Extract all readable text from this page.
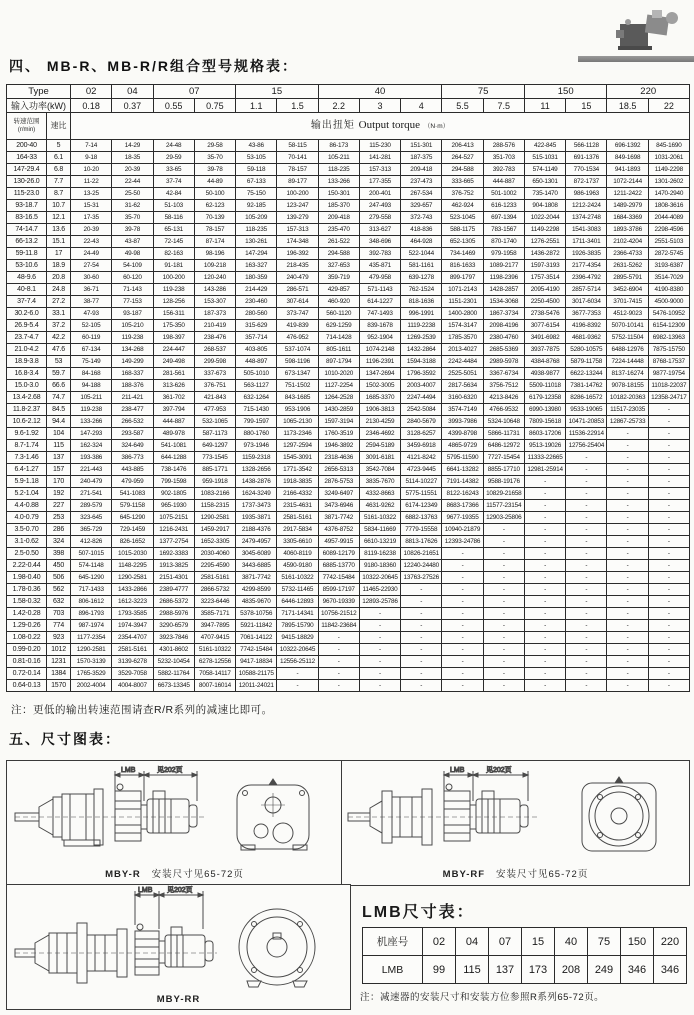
四、 MB-R、MB-R/R组合型号规格表：
Type		02	04	07		15		40			75		150		220	
输入功率(kW)		0.18	0.37	0.55	0.75	1.1	1.5	2.2	3	4	5.5	7.5	11	15	18.5	22
转速范围
(r/min)	速比	输出扭矩 Output torque （N·m）														
200-40	5	7-14	14-29	24-48	29-58	43-86	58-115	86-173	115-230	151-301	206-413	288-576	422-845	566-1128	696-1392	845-1690
164-33	6.1	9-18	18-35	29-59	35-70	53-105	70-141	105-211	141-281	187-375	264-527	351-703	515-1031	691-1376	849-1698	1031-2061
147-29.4	6.8	10-20	20-39	33-65	39-78	59-118	78-157	118-235	157-313	209-418	294-588	392-783	574-1149	770-1534	941-1893	1149-2298
130-26.0	7.7	11-22	22-44	37-74	44-89	67-133	89-177	133-266	177-355	237-473	333-665	444-887	650-1301	872-1737	1072-2144	1301-2602
115-23.0	8.7	13-25	25-50	42-84	50-100	75-150	100-200	150-301	200-401	267-534	376-752	501-1002	735-1470	986-1963	1211-2422	1470-2940
93-18.7	10.7	15-31	31-62	51-103	62-123	92-185	123-247	185-370	247-493	329-657	462-924	616-1233	904-1808	1212-2424	1489-2979	1808-3616
83-16.5	12.1	17-35	35-70	58-116	70-139	105-209	139-279	209-418	279-558	372-743	523-1045	697-1394	1022-2044	1374-2748	1684-3369	2044-4089
74-14.7	13.6	20-39	39-78	65-131	78-157	118-235	157-313	235-470	313-627	418-836	588-1175	783-1567	1149-2298	1541-3083	1893-3786	2298-4596
66-13.2	15.1	22-43	43-87	72-145	87-174	130-261	174-348	261-522	348-696	464-928	652-1305	870-1740	1276-2551	1711-3401	2102-4204	2551-5103
59-11.8	17	24-49	49-98	82-163	98-196	147-294	196-392	294-588	392-783	522-1044	734-1469	979-1958	1436-2872	1926-3835	2366-4733	2872-5745
53-10.6	18.9	27-54	54-109	91-181	109-218	163-327	218-435	327-653	435-871	581-1161	816-1633	1089-2177	1597-3193	2177-4354	2631-5262	3193-6387
48-9.6	20.8	30-60	60-120	100-200	120-240	180-359	240-479	359-719	479-958	639-1278	899-1797	1198-2396	1757-3514	2396-4792	2895-5791	3514-7029
40-8.1	24.8	36-71	71-143	119-238	143-286	214-429	286-571	429-857	571-1143	762-1524	1071-2143	1428-2857	2095-4190	2857-5714	3452-6904	4190-8380
37-7.4	27.2	38-77	77-153	128-256	153-307	230-460	307-614	460-920	614-1227	818-1636	1151-2301	1534-3068	2250-4500	3017-6034	3701-7415	4500-9000
30.2-6.0	33.1	47-93	93-187	156-311	187-373	280-560	373-747	560-1120	747-1493	996-1991	1400-2800	1867-3734	2738-5476	3677-7353	4512-9023	5476-10952
26.9-5.4	37.2	52-105	105-210	175-350	210-419	315-629	419-839	629-1259	839-1678	1119-2238	1574-3147	2098-4196	3077-6154	4196-8392	5070-10141	6154-12309
23.7-4.7	42.2	60-119	119-238	198-397	238-476	357-714	476-952	714-1428	952-1904	1269-2539	1785-3570	2380-4760	3491-6982	4681-9362	5752-11504	6982-13963
21.0-4.2	47.6	67-134	134-268	224-447	268-537	403-805	537-1074	805-1611	1074-2148	1432-2864	2013-4027	2685-5369	3937-7875	5280-10575	6488-12976	7875-15750
18.9-3.8	53	75-149	149-299	249-498	299-598	448-897	598-1196	897-1794	1196-2391	1594-3188	2242-4484	2989-5978	4384-8768	5879-11758	7224-14448	8768-17537
16.8-3.4	59.7	84-168	168-337	281-561	337-673	505-1010	673-1347	1010-2020	1347-2694	1796-3592	2525-5051	3367-6734	4938-9877	6622-13244	8137-16274	9877-19754
15.0-3.0	66.6	94-188	188-376	313-626	376-751	563-1127	751-1502	1127-2254	1502-3005	2003-4007	2817-5634	3756-7512	5509-11018	7381-14762	9078-18155	11018-22037
13.4-2.68	74.7	105-211	211-421	361-702	421-843	632-1264	843-1685	1264-2528	1685-3370	2247-4494	3160-6320	4213-8426	6179-12358	8286-16572	10182-20363	12358-24717
11.8-2.37	84.5	119-238	238-477	397-794	477-953	715-1430	953-1906	1430-2859	1906-3813	2542-5084	3574-7149	4766-9532	6990-13980	9533-19065	11517-23035	-
10.6-2.12	94.4	133-266	266-532	444-887	532-1065	799-1597	1065-2130	1597-3194	2130-4259	2840-5679	3993-7986	5324-10648	7809-15618	10471-20853	12867-25733	-
9.6-1.92	104	147-293	293-587	489-978	587-1173	880-1760	1173-2346	1760-3519	2346-4692	3128-6257	4399-8798	5866-11731	8603-17206	11536-22914	-	-
8.7-1.74	115	162-324	324-649	541-1081	649-1297	973-1946	1297-2594	1946-3892	2594-5189	3459-6918	4865-9729	6486-12972	9513-19026	12756-25404	-	-
7.3-1.46	137	193-386	386-773	644-1288	773-1545	1159-2318	1545-3091	2318-4636	3091-6181	4121-8242	5795-11590	7727-15454	11333-22665	-	-	-
6.4-1.27	157	221-443	443-885	738-1476	885-1771	1328-2656	1771-3542	2656-5313	3542-7084	4723-9445	6641-13282	8855-17710	12981-25914	-	-	-
5.9-1.18	170	240-479	479-959	799-1598	959-1918	1438-2876	1918-3835	2876-5753	3835-7670	5114-10227	7191-14382	9588-19176	-	-	-	-
5.2-1.04	192	271-541	541-1083	902-1805	1083-2166	1624-3249	2166-4332	3249-6497	4332-8663	5775-11551	8122-16243	10829-21658	-	-	-	-
4.4-0.88	227	289-579	579-1158	965-1930	1158-2315	1737-3473	2315-4631	3473-6946	4631-9262	6174-12349	8683-17366	11577-23154	-	-	-	-
4.0-0.79	253	323-645	645-1290	1075-2151	1290-2581	1935-3871	2581-5161	3871-7742	5161-10322	6882-13763	9677-19355	12903-25806	-	-	-	-
3.5-0.70	286	365-729	729-1459	1216-2431	1459-2917	2188-4376	2917-5834	4376-8752	5834-11669	7779-15558	10940-21879	-	-	-	-	-
3.1-0.62	324	412-826	826-1652	1377-2754	1652-3305	2479-4957	3305-6610	4957-9915	6610-13219	8813-17626	12393-24786	-	-	-	-	-
2.5-0.50	398	507-1015	1015-2030	1692-3383	2030-4060	3045-6089	4060-8119	6089-12179	8119-16238	10826-21651	-	-	-	-	-	-
2.22-0.44	450	574-1148	1148-2295	1913-3825	2295-4590	3443-6885	4590-9180	6885-13770	9180-18360	12240-24480	-	-	-	-	-	-
1.98-0.40	506	645-1290	1290-2581	2151-4301	2581-5161	3871-7742	5161-10322	7742-15484	10322-20645	13763-27526	-	-	-	-	-	-
1.78-0.36	562	717-1433	1433-2866	2389-4777	2866-5732	4299-8599	5732-11465	8599-17197	11465-22930	-	-	-	-	-	-	-
1.58-0.32	632	806-1612	1612-3223	2686-5372	3223-6446	4835-9670	6446-12893	9670-19339	12893-25786	-	-	-	-	-	-	-
1.42-0.28	703	896-1793	1793-3585	2988-5976	3585-7171	5378-10756	7171-14341	10756-21512	-	-	-	-	-	-	-	-
1.29-0.26	774	987-1974	1974-3947	3290-6579	3947-7895	5921-11842	7895-15790	11842-23684	-	-	-	-	-	-	-	-
1.08-0.22	923	1177-2354	2354-4707	3923-7846	4707-9415	7061-14122	9415-18829	-	-	-	-	-	-	-	-	-
0.99-0.20	1012	1290-2581	2581-5161	4301-8602	5161-10322	7742-15484	10322-20645	-	-	-	-	-	-	-	-	-
0.81-0.16	1231	1570-3139	3139-6278	5232-10454	6278-12556	9417-18834	12556-25112	-	-	-	-	-	-	-	-	-
0.72-0.14	1384	1765-3529	3529-7058	5882-11764	7058-14117	10588-21175	-	-	-	-	-	-	-	-	-	-
0.64-0.13	1570	2002-4004	4004-8007	6673-13345	8007-16014	12011-24021	-	-	-	-	-	-	-	-	-	-
注：更低的输出转速范围请查R/R系列的减速比即可。
五、尺寸图表：
LMB	见202页
MBY-R 安装尺寸见65-72页
LMB	见202页
MBY-RF 安装尺寸见65-72页
LMB 见202页
MBY-RR
LMB尺寸表：
机座号	02	04	07	15	40	75	150	220
LMB	99	115	137	173	208	249	346	346
注：减速器的安装尺寸和安装方位参照R系列65-72页。
